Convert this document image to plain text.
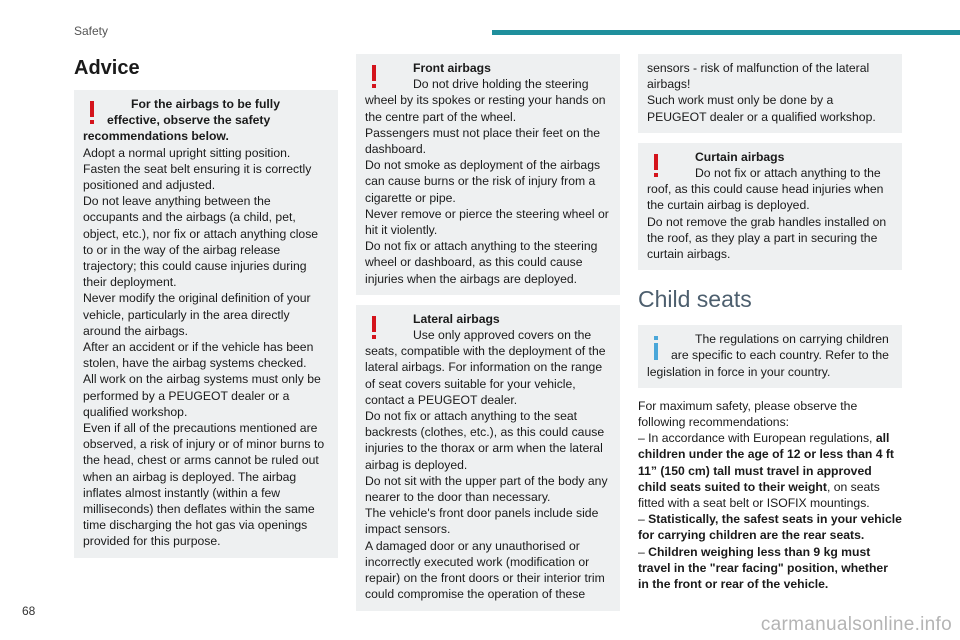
Safety
Advice

For the airbags to be fully effective, observe the safety recommendations below.

Adopt a normal upright sitting position.

Fasten the seat belt ensuring it is correctly positioned and adjusted.

Do not leave anything between the occupants and the airbags (a child, pet, object, etc.), nor fix or attach anything close to or in the way of the airbag release trajectory; this could cause injuries during their deployment.

Never modify the original definition of your vehicle, particularly in the area directly around the airbags.

After an accident or if the vehicle has been stolen, have the airbag systems checked.

All work on the airbag systems must only be performed by a PEUGEOT dealer or a qualified workshop.

Even if all of the precautions mentioned are observed, a risk of injury or of minor burns to the head, chest or arms cannot be ruled out when an airbag is deployed. The airbag inflates almost instantly (within a few milliseconds) then deflates within the same time discharging the hot gas via openings provided for this purpose.

Front airbags

Do not drive holding the steering wheel by its spokes or resting your hands on the centre part of the wheel.

Passengers must not place their feet on the dashboard.

Do not smoke as deployment of the airbags can cause burns or the risk of injury from a cigarette or pipe.

Never remove or pierce the steering wheel or hit it violently.

Do not fix or attach anything to the steering wheel or dashboard, as this could cause injuries when the airbags are deployed.

Lateral airbags

Use only approved covers on the seats, compatible with the deployment of the lateral airbags. For information on the range of seat covers suitable for your vehicle, contact a PEUGEOT dealer.

Do not fix or attach anything to the seat backrests (clothes, etc.), as this could cause injuries to the thorax or arm when the lateral airbag is deployed.

Do not sit with the upper part of the body any nearer to the door than necessary.

The vehicle's front door panels include side impact sensors.

A damaged door or any unauthorised or incorrectly executed work (modification or repair) on the front doors or their interior trim could compromise the operation of these

sensors - risk of malfunction of the lateral airbags!

Such work must only be done by a PEUGEOT dealer or a qualified workshop.

Curtain airbags

Do not fix or attach anything to the roof, as this could cause head injuries when the curtain airbag is deployed.

Do not remove the grab handles installed on the roof, as they play a part in securing the curtain airbags.

Child seats

The regulations on carrying children are specific to each country. Refer to the legislation in force in your country.

For maximum safety, please observe the following recommendations:

– In accordance with European regulations, all children under the age of 12 or less than 4 ft 11” (150 cm) tall must travel in approved child seats suited to their weight, on seats fitted with a seat belt or ISOFIX mountings.

– Statistically, the safest seats in your vehicle for carrying children are the rear seats.

– Children weighing less than 9 kg must travel in the "rear facing" position, whether in the front or rear of the vehicle.

68
carmanualsonline.info
